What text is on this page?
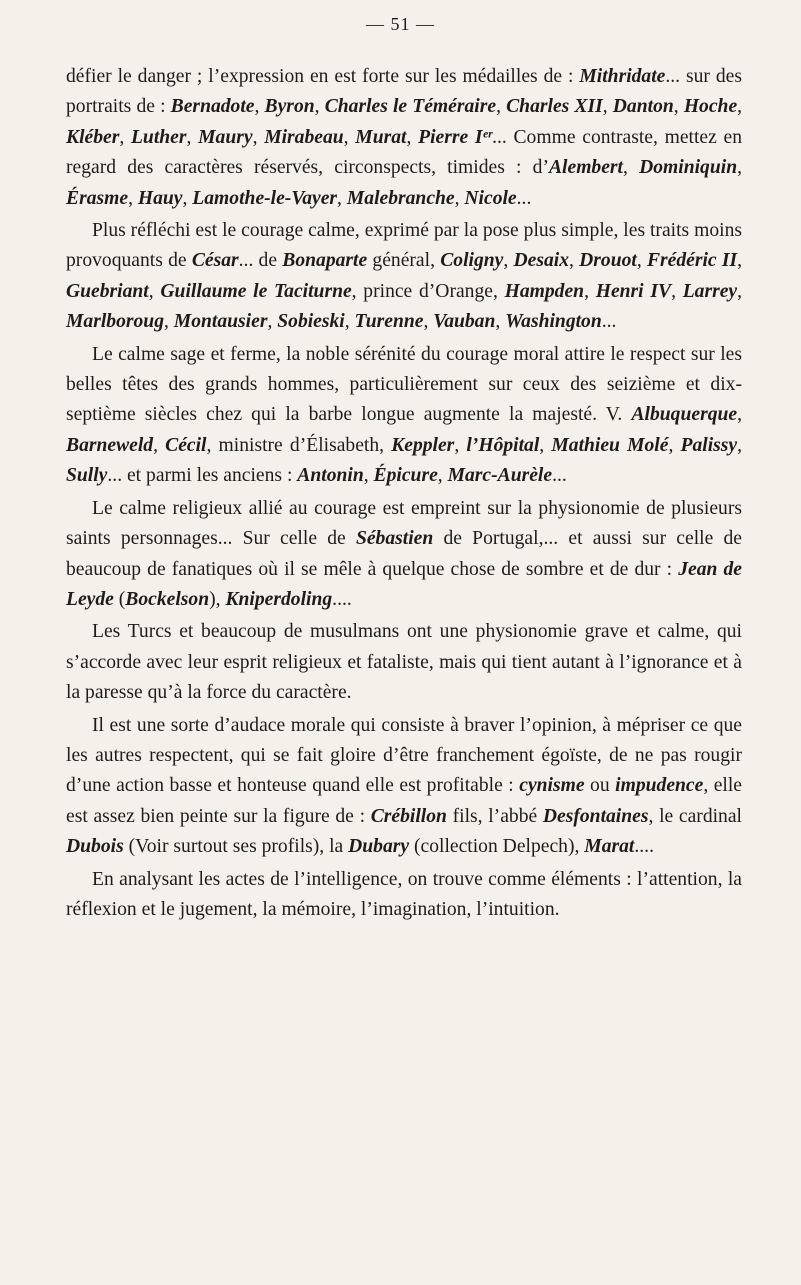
— 51 —

défier le danger ; l’expression en est forte sur les médailles de : Mithridate... sur des portraits de : Bernadote, Byron, Charles le Téméraire, Charles XII, Danton, Hoche, Kléber, Luther, Maury, Mirabeau, Murat, Pierre Iᵉʳ... Comme contraste, mettez en regard des caractères réservés, circonspects, timides : d’Alembert, Dominiquin, Érasme, Hauy, Lamothe-le-Vayer, Malebranche, Nicole...

Plus réfléchi est le courage calme, exprimé par la pose plus simple, les traits moins provoquants de César... de Bonaparte général, Coligny, Desaix, Drouot, Frédéric II, Guebriant, Guillaume le Taciturne, prince d’Orange, Hampden, Henri IV, Larrey, Marlboroug, Montausier, Sobieski, Turenne, Vauban, Washington...

Le calme sage et ferme, la noble sérénité du courage moral attire le respect sur les belles têtes des grands hommes, particulièrement sur ceux des seizième et dix-septième siècles chez qui la barbe longue augmente la majesté. V. Albuquerque, Barneweld, Cécil, ministre d’Élisabeth, Keppler, l’Hôpital, Mathieu Molé, Palissy, Sully... et parmi les anciens : Antonin, Épicure, Marc-Aurèle...

Le calme religieux allié au courage est empreint sur la physionomie de plusieurs saints personnages... Sur celle de Sébastien de Portugal,... et aussi sur celle de beaucoup de fanatiques où il se mêle à quelque chose de sombre et de dur : Jean de Leyde (Bockelson), Kniperdoling....

Les Turcs et beaucoup de musulmans ont une physionomie grave et calme, qui s’accorde avec leur esprit religieux et fataliste, mais qui tient autant à l’ignorance et à la paresse qu’à la force du caractère.

Il est une sorte d’audace morale qui consiste à braver l’opinion, à mépriser ce que les autres respectent, qui se fait gloire d’être franchement égoïste, de ne pas rougir d’une action basse et honteuse quand elle est profitable : cynisme ou impudence, elle est assez bien peinte sur la figure de : Crébillon fils, l’abbé Desfontaines, le cardinal Dubois (Voir surtout ses profils), la Dubary (collection Delpech), Marat....

En analysant les actes de l’intelligence, on trouve comme éléments : l’attention, la réflexion et le jugement, la mémoire, l’imagination, l’intuition.
